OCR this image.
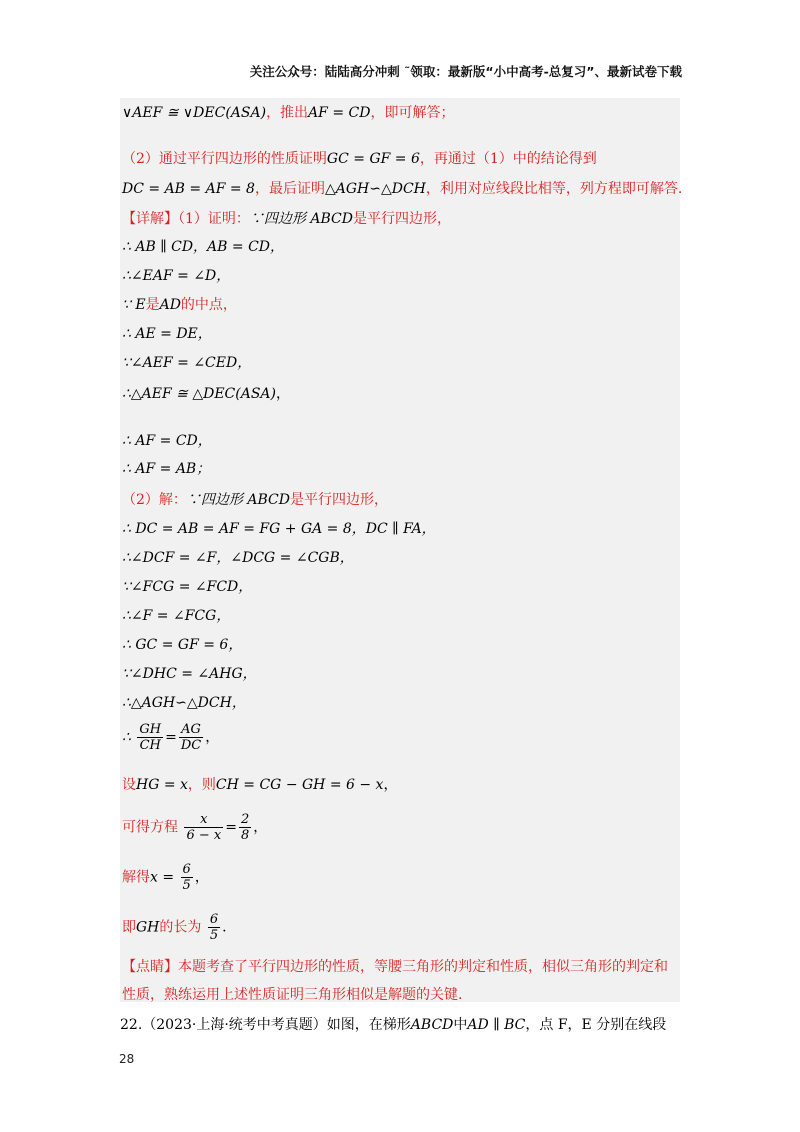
关注公众号：陆陆高分冲刺 ˜领取：最新版“小中高考-总复习”、最新试卷下载
∨AEF ≅ ∨DEC(ASA)，推出AF = CD，即可解答；
（2）通过平行四边形的性质证明GC = GF = 6，再通过（1）中的结论得到
DC = AB = AF = 8，最后证明△AGH∽△DCH，利用对应线段比相等，列方程即可解答.
【详解】（1）证明：∵四边形 ABCD是平行四边形，
∴ AB ∥ CD，AB = CD，
∴∠EAF = ∠D，
∵ E是AD的中点，
∴ AE = DE，
∵∠AEF = ∠CED，
∴△AEF ≅ △DEC(ASA)，
∴ AF = CD，
∴ AF = AB；
（2）解：∵四边形 ABCD是平行四边形，
∴ DC = AB = AF = FG + GA = 8，DC ∥ FA，
∴∠DCF = ∠F，∠DCG = ∠CGB，
∵∠FCG = ∠FCD，
∴∠F = ∠FCG，
∴ GC = GF = 6，
∵∠DHC = ∠AHG，
∴△AGH∽△DCH，
∴ $\frac{GH}{CH} = \frac{AG}{DC}$ ，
设HG = x，则CH = CG − GH = 6 − x，
可得方程 $\frac{x}{6 - x} = \frac{2}{8}$ ，
解得$x = \frac{6}{5}$ ，
即GH的长为 $\frac{6}{5}$ .
【点睛】本题考查了平行四边形的性质，等腰三角形的判定和性质，相似三角形的判定和
性质，熟练运用上述性质证明三角形相似是解题的关键.
22.（2023·上海·统考中考真题）如图，在梯形ABCD中AD ∥ BC，点 F，E 分别在线段
28
